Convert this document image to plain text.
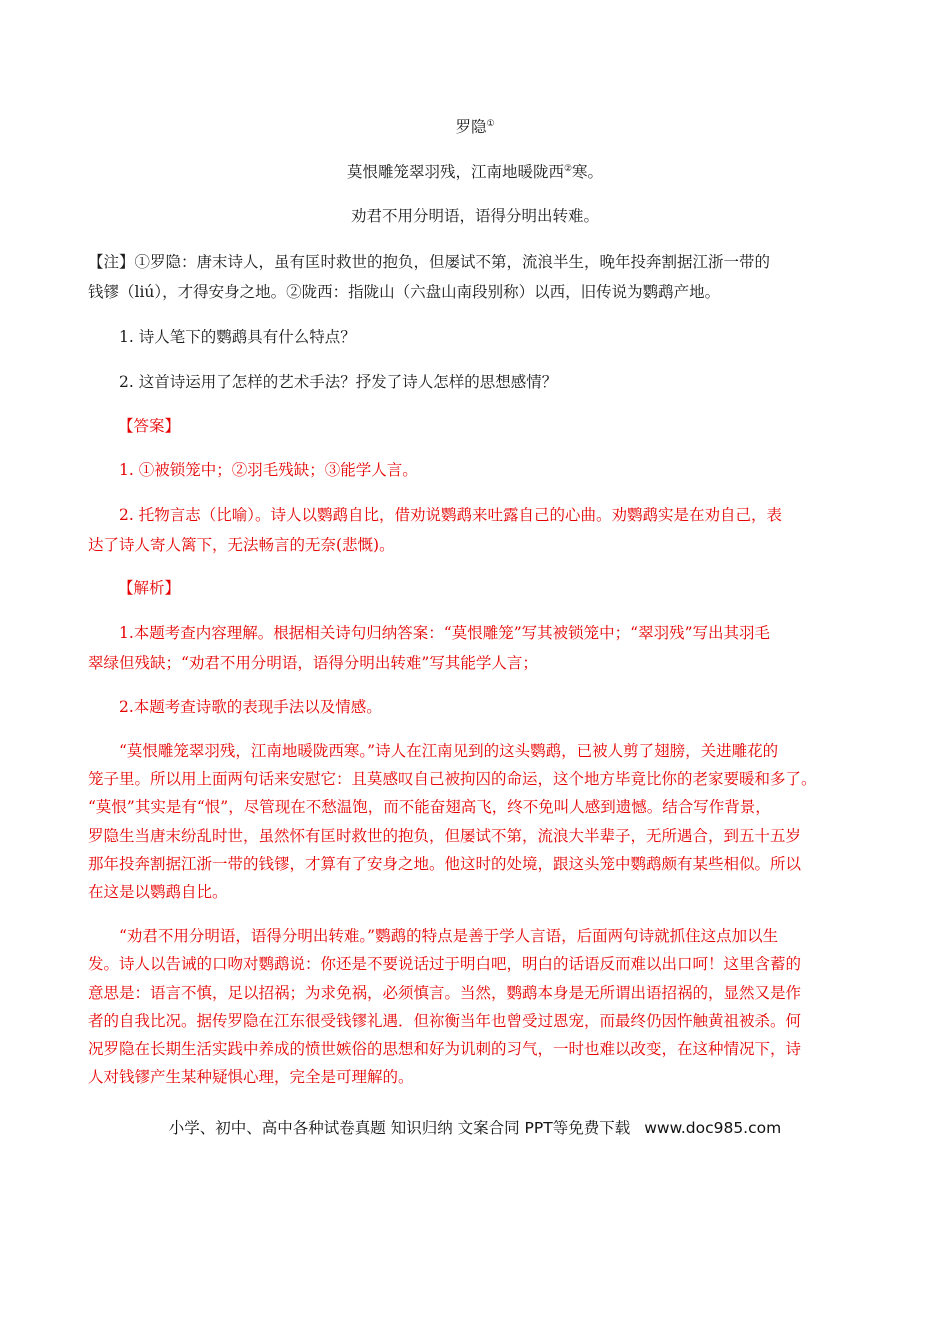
罗隐①
莫恨雕笼翠羽残，江南地暖陇西②寒。
劝君不用分明语，语得分明出转难。
【注】①罗隐：唐末诗人，虽有匡时救世的抱负，但屡试不第，流浪半生，晚年投奔割据江浙一带的
钱镠（liú），才得安身之地。②陇西：指陇山（六盘山南段别称）以西，旧传说为鹦鹉产地。
1. 诗人笔下的鹦鹉具有什么特点？
2. 这首诗运用了怎样的艺术手法？抒发了诗人怎样的思想感情？
【答案】
1. ①被锁笼中；②羽毛残缺；③能学人言。
2. 托物言志（比喻）。诗人以鹦鹉自比，借劝说鹦鹉来吐露自己的心曲。劝鹦鹉实是在劝自己，表
达了诗人寄人篱下，无法畅言的无奈(悲慨)。
【解析】
1.本题考查内容理解。根据相关诗句归纳答案：“莫恨雕笼”写其被锁笼中；“翠羽残”写出其羽毛
翠绿但残缺；“劝君不用分明语，语得分明出转难”写其能学人言；
2.本题考查诗歌的表现手法以及情感。
“莫恨雕笼翠羽残，江南地暖陇西寒。”诗人在江南见到的这头鹦鹉，已被人剪了翅膀，关进雕花的
笼子里。所以用上面两句话来安慰它：且莫感叹自己被拘囚的命运，这个地方毕竟比你的老家要暖和多了。
“莫恨”其实是有“恨”，尽管现在不愁温饱，而不能奋翅高飞，终不免叫人感到遗憾。结合写作背景，
罗隐生当唐末纷乱时世，虽然怀有匡时救世的抱负，但屡试不第，流浪大半辈子，无所遇合，到五十五岁
那年投奔割据江浙一带的钱镠，才算有了安身之地。他这时的处境，跟这头笼中鹦鹉颇有某些相似。所以
在这是以鹦鹉自比。
“劝君不用分明语，语得分明出转难。”鹦鹉的特点是善于学人言语，后面两句诗就抓住这点加以生
发。诗人以告诫的口吻对鹦鹉说：你还是不要说话过于明白吧，明白的话语反而难以出口呵！这里含蓄的
意思是：语言不慎，足以招祸；为求免祸，必须慎言。当然，鹦鹉本身是无所谓出语招祸的，显然又是作
者的自我比况。据传罗隐在江东很受钱镠礼遇．但祢衡当年也曾受过恩宠，而最终仍因忤触黄祖被杀。何
况罗隐在长期生活实践中养成的愤世嫉俗的思想和好为讥刺的习气，一时也难以改变，在这种情况下，诗
人对钱镠产生某种疑惧心理，完全是可理解的。
小学、初中、高中各种试卷真题 知识归纳 文案合同 PPT等免费下载 www.doc985.com
